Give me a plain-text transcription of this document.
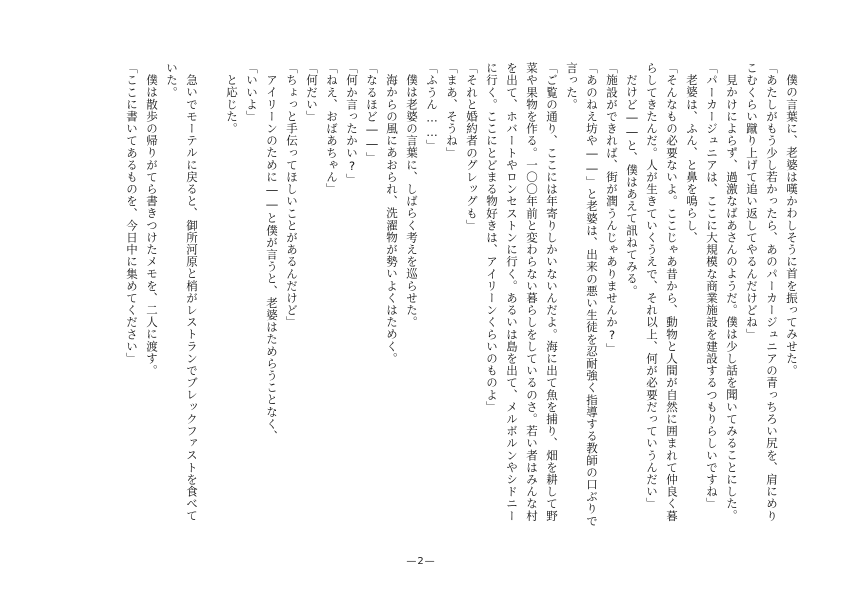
僕の言葉に、老婆は嘆かわしそうに首を振ってみせた。

「あたしがもう少し若かったら、あのパーカージュニアの青っちろい尻を、肩にめりこむくらい蹴り上げて追い返してやるんだけどね」

見かけによらず、過激なばあさんのようだ。僕は少し話を聞いてみることにした。

「パーカージュニアは、ここに大規模な商業施設を建設するつもりらしいですね」

老婆は、ふん、と鼻を鳴らし、

「そんなもの必要ないよ。ここじゃあ昔から、動物と人間が自然に囲まれて仲良く暮らしてきたんだ。人が生きていくうえで、それ以上、何が必要だっていうんだい」

だけど――と、僕はあえて訊ねてみる。

「施設ができれば、街が潤うんじゃありませんか?」

「あのねえ坊や――」と老婆は、出来の悪い生徒を忍耐強く指導する教師の口ぶりで言った。

「ご覧の通り、ここには年寄りしかいないんだよ。海に出て魚を捕り、畑を耕して野菜や果物を作る。一〇〇年前と変わらない暮らしをしているのさ。若い者はみんな村を出て、ホバートやロンセストンに行く。あるいは島を出て、メルボルンやシドニーに行く。ここにとどまる物好きは、アイリーンくらいのものよ」

「それと婚約者のグレッグも」

「まあ、そうね」

「ふうん……」

僕は老婆の言葉に、しばらく考えを巡らせた。

海からの風にあおられ、洗濯物が勢いよくはためく。

「なるほど――」

「何か言ったかい?」

「ねえ、おばあちゃん」

「何だい」

「ちょっと手伝ってほしいことがあるんだけど」

アイリーンのために――と僕が言うと、老婆はためらうことなく、

「いいよ」

と応じた。

急いでモーテルに戻ると、御所河原と梢がレストランでブレックファストを食べていた。

僕は散歩の帰りがてら書きつけたメモを、二人に渡す。

「ここに書いてあるものを、今日中に集めてください」

—2—
